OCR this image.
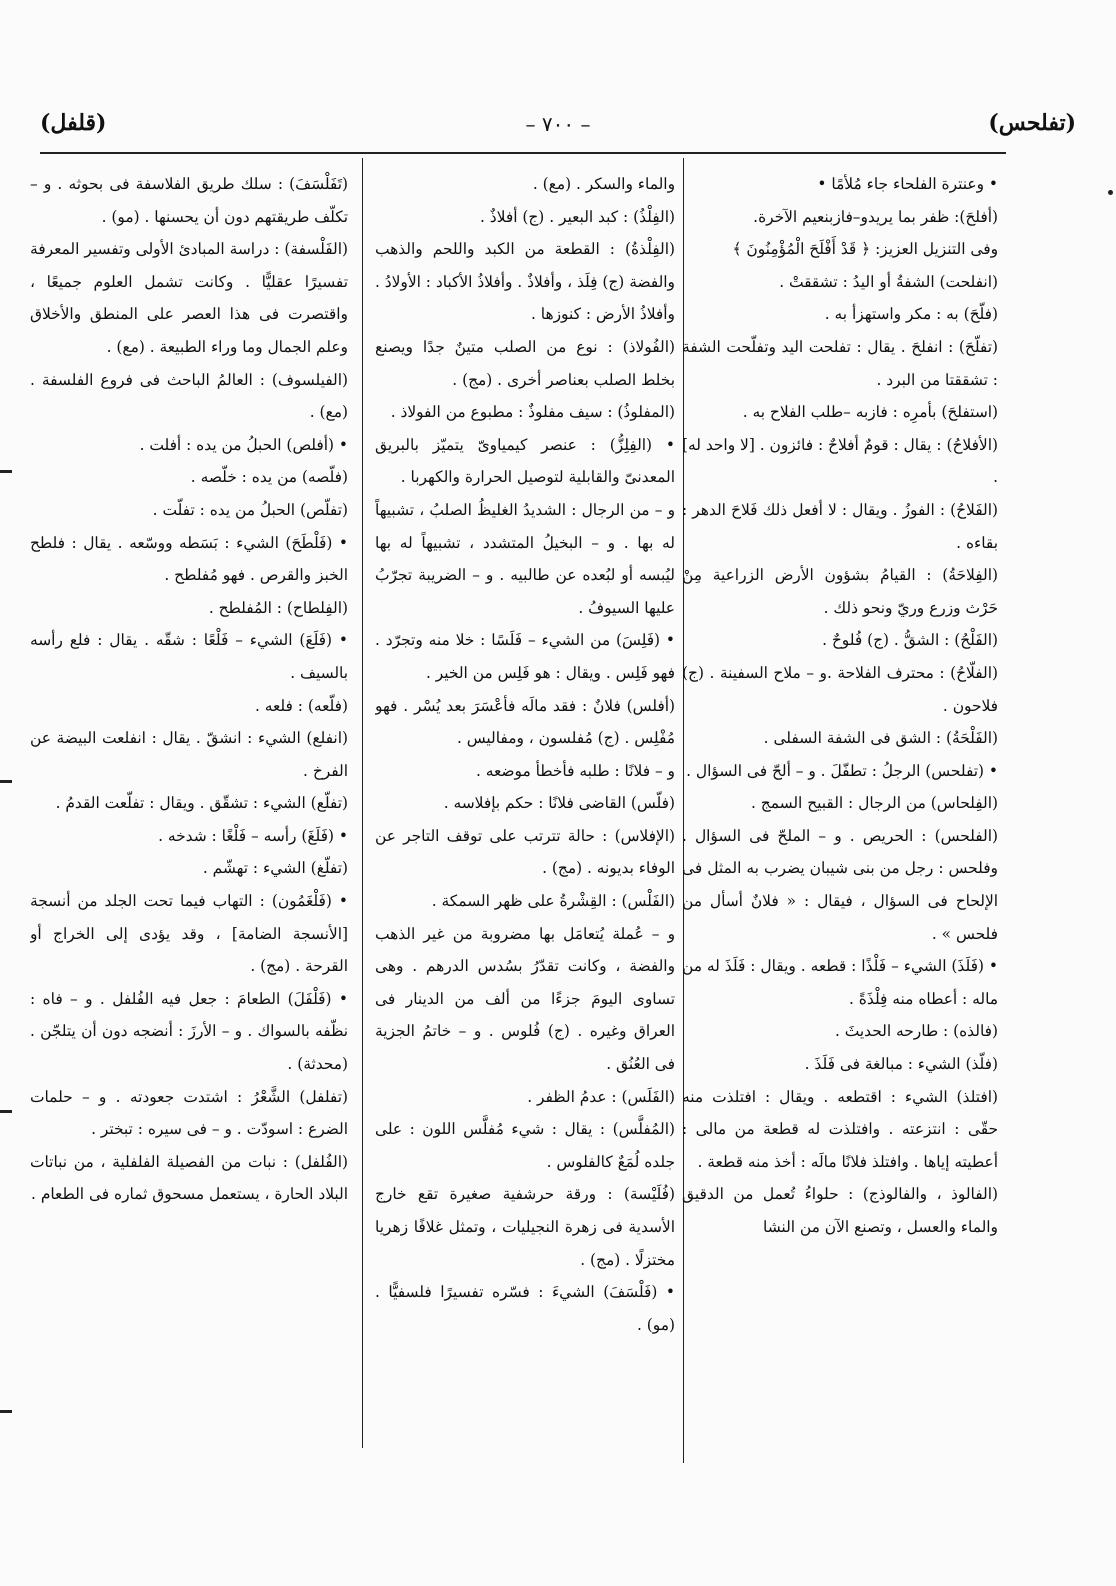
(تفلحس)
– ٧٠٠ –
(قلفل)

• وعنترة الفلحاء جاء مُلأمًا •

(أفلحَ): ظفر بما يريدو–فازبنعيم الآخرة.

وفى التنزيل العزيز: ﴿ قَدْ أَفْلَحَ الْمُؤْمِنُونَ ﴾

(انفلحت) الشفةُ أو اليدُ : تشققتْ .

(فلّحَ) به : مكر واستهزأ به .

(تفلّحَ) : انفلحَ . يقال : تفلحت اليد وتفلّحت الشفة : تشققتا من البرد .

(استفلحَ) بأمرِه : فازبه –طلب الفلاح به .

(الأفلاحُ) : يقال : قومٌ أفلاحٌ : فائزون . [لا واحد له] .

(الفَلاحُ) : الفوزُ . ويقال : لا أفعل ذلك فَلاحَ الدهر : بقاءه .

(الفِلاحَةُ) : القيامُ بشؤون الأرض الزراعية مِنْ حَرْث وزرع وريّ ونحو ذلك .

(الفَلْحُ) : الشقُّ . (ج) فُلوحٌ .

(الفلّاحُ) : محترف الفلاحة .و – ملاح السفينة . (ج) فلاحون .

(الفَلْحَةُ) : الشق فى الشفة السفلى .

• (تفلحس) الرجلُ : تطفّلَ . و – ألحّ فى السؤال .

(الفِلحاس) من الرجال : القبيح السمج .

(الفلحس) : الحريص . و – الملحّ فى السؤال . وفلحس : رجل من بنى شيبان يضرب به المثل فى الإلحاح فى السؤال ، فيقال : « فلانٌ أسأل من فلحس » .

• (فَلَذَ) الشيء – فَلْذًا : قطعه . ويقال : فَلَذَ له من ماله : أعطاه منه فِلْذَةً .

(فالذه) : طارحه الحديثَ .

(فلّذ) الشيء : مبالغة فى فَلَذَ .

(افتلذ) الشيء : اقتطعه . ويقال : افتلذت منه حقّى : انتزعته . وافتلذت له قطعة من مالى : أعطيته إياها . وافتلذ فلانًا مالَه : أخذ منه قطعة .

(الفالوذ ، والفالوذج) : حلواءُ تُعمل من الدقيق والماء والعسل ، وتصنع الآن من النشا

والماء والسكر . (مع) .

(الفِلْذُ) : كبد البعير . (ج) أفلاذٌ .

(الفِلْذةُ) : القطعة من الكبد واللحم والذهب والفضة (ج) فِلَذ ، وأفلاذٌ . وأفلاذُ الأكباد : الأولادُ . وأفلاذُ الأرض : كنوزها .

(الفُولاذ) : نوع من الصلب متينٌ جدًا ويصنع بخلط الصلب بعناصر أخرى . (مج) .

(المفلوذُ) : سيف مفلوذٌ : مطبوع من الفولاذ .

• (الفِلِزُّ) : عنصر كيمياوىّ يتميّز بالبريق المعدنىّ والقابلية لتوصيل الحرارة والكهربا .

و – من الرجال : الشديدُ الغليظُ الصلبُ ، تشبيهاً له بها . و – البخيلُ المتشدد ، تشبيهاً له بها ليُبسه أو لبُعده عن طالبيه . و – الضريبة تجرّبُ عليها السيوفُ .

• (فَلِسَ) من الشيء – فَلَسًا : خلا منه وتجرّد . فهو فَلِس . ويقال : هو فَلِس من الخير .

(أفلس) فلانٌ : فقد مالَه فأعْسَرَ بعد يُسْر . فهو مُفْلِس . (ج) مُفلسون ، ومفاليس .

و – فلانًا : طلبه فأخطأ موضعه .

(فلّس) القاضى فلانًا : حكم بإفلاسه .

(الإفلاس) : حالة تترتب على توقف التاجر عن الوفاء بديونه . (مج) .

(الفَلْس) : القِشْرةُ على ظهر السمكة .

و – عُملة يُتعامَل بها مضروبة من غير الذهب والفضة ، وكانت تقدّرُ بسُدس الدرهم . وهى تساوى اليومَ جزءًا من ألف من الدينار فى العراق وغيره . (ج) فُلوس . و – خاتمُ الجزية فى العُنُق .

(الفَلَس) : عدمُ الظفر .

(المُفلَّس) : يقال : شيء مُفلَّس اللون : على جلده لُمَعٌ كالفلوس .

(فُلَيْسة) : ورقة حرشفية صغيرة تقع خارج الأسدية فى زهرة النجيليات ، وتمثل غلافًا زهريا مختزلًا . (مج) .

• (فَلْسَفَ) الشيءَ : فسّره تفسيرًا فلسفيًّا . (مو) .

(تَفَلْسَفَ) : سلك طريق الفلاسفة فى بحوثه . و – تكلّف طريقتهم دون أن يحسنها . (مو) .

(الفَلْسفة) : دراسة المبادئ الأولى وتفسير المعرفة تفسيرًا عقليًّا . وكانت تشمل العلوم جميعًا ، واقتصرت فى هذا العصر على المنطق والأخلاق وعلم الجمال وما وراء الطبيعة . (مع) .

(الفيلسوف) : العالمُ الباحث فى فروع الفلسفة . (مع) .

• (أفلص) الحبلُ من يده : أفلت .

(فلّصه) من يده : خلّصه .

(تفلّص) الحبلُ من يده : تفلّت .

• (فَلْطَحَ) الشيء : بَسَطه ووسّعه . يقال : فلطح الخبز والقرص . فهو مُفلطح .

(الفِلطاح) : المُفلطح .

• (فَلَعَ) الشيء – فَلْعًا : شقّه . يقال : فلع رأسه بالسيف .

(فلّعه) : فلعه .

(انفلع) الشيء : انشقّ . يقال : انفلعت البيضة عن الفرخ .

(تفلّع) الشيء : تشقّق . ويقال : تفلّعت القدمُ .

• (فَلَغَ) رأسه – فَلْغًا : شدخه .

(تفلّغ) الشيء : تهشّم .

• (فَلْغَمُون) : التهاب فيما تحت الجلد من أنسجة [الأنسجة الضامة] ، وقد يؤدى إلى الخراج أو القرحة . (مج) .

• (فَلْفَلَ) الطعامَ : جعل فيه الفُلفل . و – فاه : نظّفه بالسواك . و – الأرزَ : أنضجه دون أن يتلجّن . (محدثة) .

(تفلفل) الشَّعْرُ : اشتدت جعودته . و – حلمات الضرع : اسودّت . و – فى سيره : تبختر .

(الفُلفل) : نبات من الفصيلة الفلفلية ، من نباتات البلاد الحارة ، يستعمل مسحوق ثماره فى الطعام .
